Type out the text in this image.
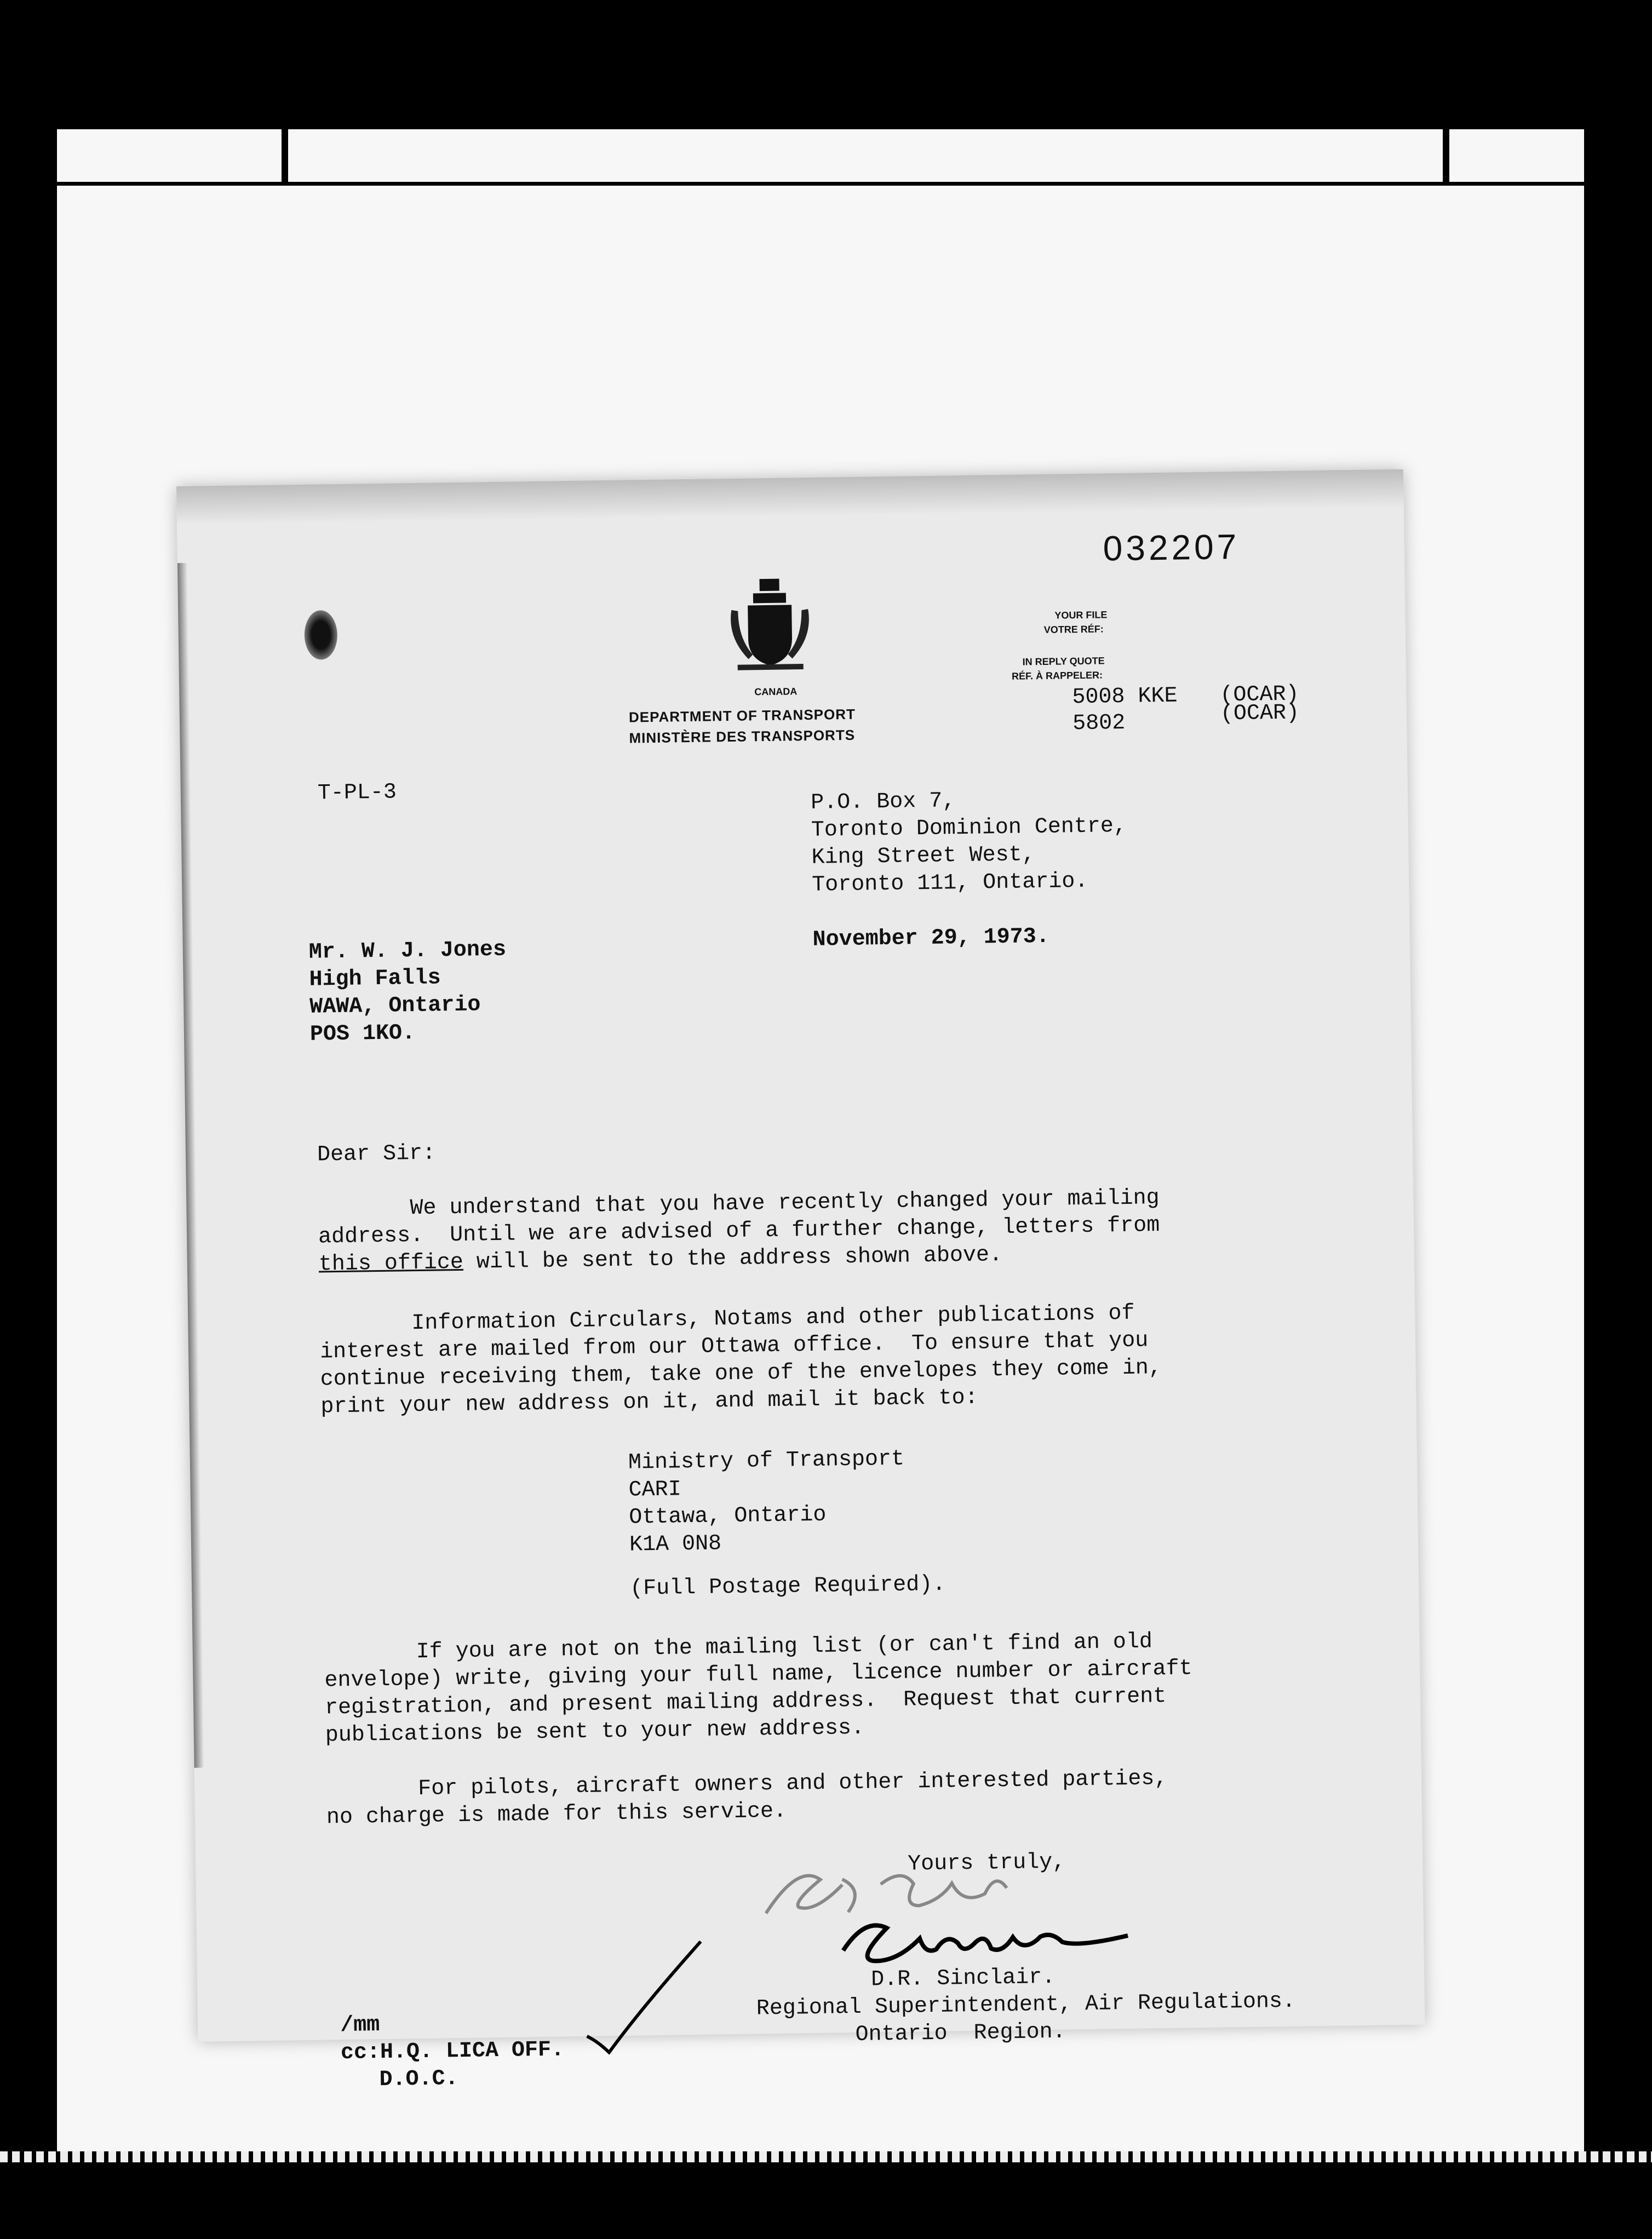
032207
CANADA
DEPARTMENT OF TRANSPORT
MINISTÈRE DES TRANSPORTS
YOUR FILE
VOTRE RÉF:
IN REPLY QUOTE
RÉF. À RAPPELER:
5008 KKE
5802
(OCAR)
(OCAR)
T-PL-3	P.O. Box 7,
Toronto Dominion Centre,
King Street West,
Toronto 111, Ontario.
November 29, 1973.
Mr. W. J. Jones
High Falls
WAWA, Ontario
POS 1KO.
Dear Sir:
We understand that you have recently changed your mailing
address.  Until we are advised of a further change, letters from
this office will be sent to the address shown above.
Information Circulars, Notams and other publications of
interest are mailed from our Ottawa office.  To ensure that you
continue receiving them, take one of the envelopes they come in,
print your new address on it, and mail it back to:
Ministry of Transport
CARI
Ottawa, Ontario
K1A 0N8
(Full Postage Required).
If you are not on the mailing list (or can't find an old
envelope) write, giving your full name, licence number or aircraft
registration, and present mailing address.  Request that current
publications be sent to your new address.
For pilots, aircraft owners and other interested parties,
no charge is made for this service.
Yours truly,
D.R. Sinclair.
Regional Superintendent, Air Regulations.
Ontario  Region.
/mm
cc:H.Q. LICA OFF.
D.O.C.
